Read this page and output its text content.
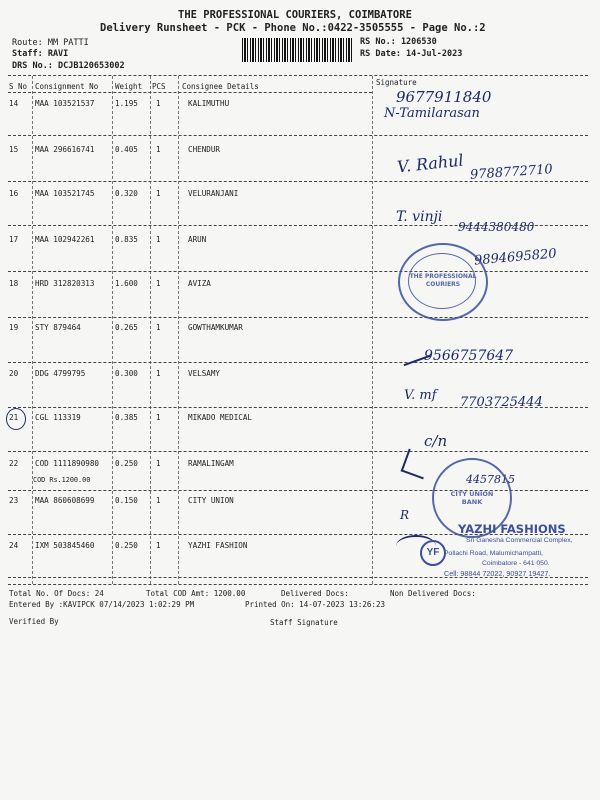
THE PROFESSIONAL COURIERS, COIMBATORE
Delivery Runsheet - PCK - Phone No.:0422-3505555 - Page No.:2
Route: MM PATTI
Staff: RAVI
DRS No.: DCJB120653002
RS No.: 1206530
RS Date: 14-Jul-2023
S No Consignment No Weight PCS Consignee Details	Signature
14 MAA 103521537	1.195 1	KALIMUTHU
15 MAA 296616741	0.405 1	CHENDUR
16 MAA 103521745	0.320 1	VELURANJANI
17 MAA 102942261	0.835 1	ARUN
18 HRD 312820313	1.600 1	AVIZA
19 STY 879464	0.265 1	GOWTHAMKUMAR
20 DDG 4799795	0.300 1	VELSAMY
21 CGL 113319	0.385 1	MIKADO MEDICAL
22 COD 1111890980 0.250 1	RAMALINGAM
COD Rs.1200.00
23 MAA 860608699	0.150 1	CITY UNION
24 IXM 503845460	0.250 1	YAZHI FASHION
9677911840
N-Tamilarasan
V. Rahul 9788772710
T. vinji
9444380480
9894695820
9566757647
V. mf 7703725444
c/n
4457815
R
THE PROFESSIONAL COURIERS
CITY UNION BANK
YAZHI FASHIONS
Sri Ganesha Commercial Complex,
Pollachi Road, Malumichampatti,
Coimbatore - 641 050.
Cell: 98844 72022, 90927 19427.
YF
Total No. Of Docs: 24	Total COD Amt: 1200.00	Delivered Docs:	Non Delivered Docs:
Entered By :KAVIPCK 07/14/2023 1:02:29 PM	Printed On: 14-07-2023 13:26:23
Verified By	Staff Signature
